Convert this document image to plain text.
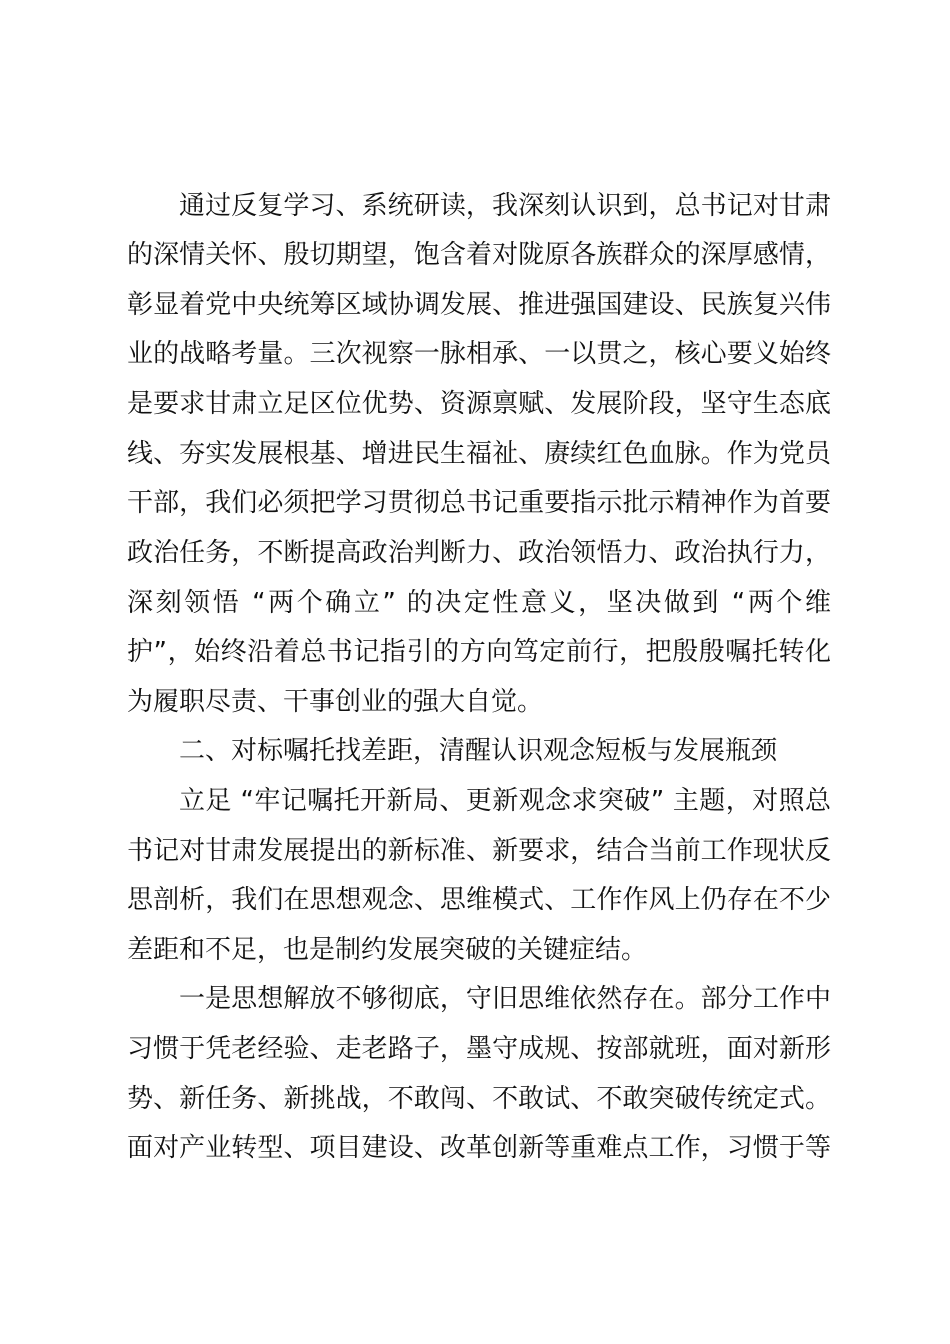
通过反复学习、系统研读，我深刻认识到，总书记对甘肃

的深情关怀、殷切期望，饱含着对陇原各族群众的深厚感情，

彰显着党中央统筹区域协调发展、推进强国建设、民族复兴伟

业的战略考量。三次视察一脉相承、一以贯之，核心要义始终

是要求甘肃立足区位优势、资源禀赋、发展阶段，坚守生态底

线、夯实发展根基、增进民生福祉、赓续红色血脉。作为党员

干部，我们必须把学习贯彻总书记重要指示批示精神作为首要

政治任务，不断提高政治判断力、政治领悟力、政治执行力，

深刻领悟 “两个确立” 的决定性意义，坚决做到 “两个维

护”，始终沿着总书记指引的方向笃定前行，把殷殷嘱托转化

为履职尽责、干事创业的强大自觉。

二、对标嘱托找差距，清醒认识观念短板与发展瓶颈

立足 “牢记嘱托开新局、更新观念求突破” 主题，对照总

书记对甘肃发展提出的新标准、新要求，结合当前工作现状反

思剖析，我们在思想观念、思维模式、工作作风上仍存在不少

差距和不足，也是制约发展突破的关键症结。

一是思想解放不够彻底，守旧思维依然存在。部分工作中

习惯于凭老经验、走老路子，墨守成规、按部就班，面对新形

势、新任务、新挑战，不敢闯、不敢试、不敢突破传统定式。

面对产业转型、项目建设、改革创新等重难点工作，习惯于等
